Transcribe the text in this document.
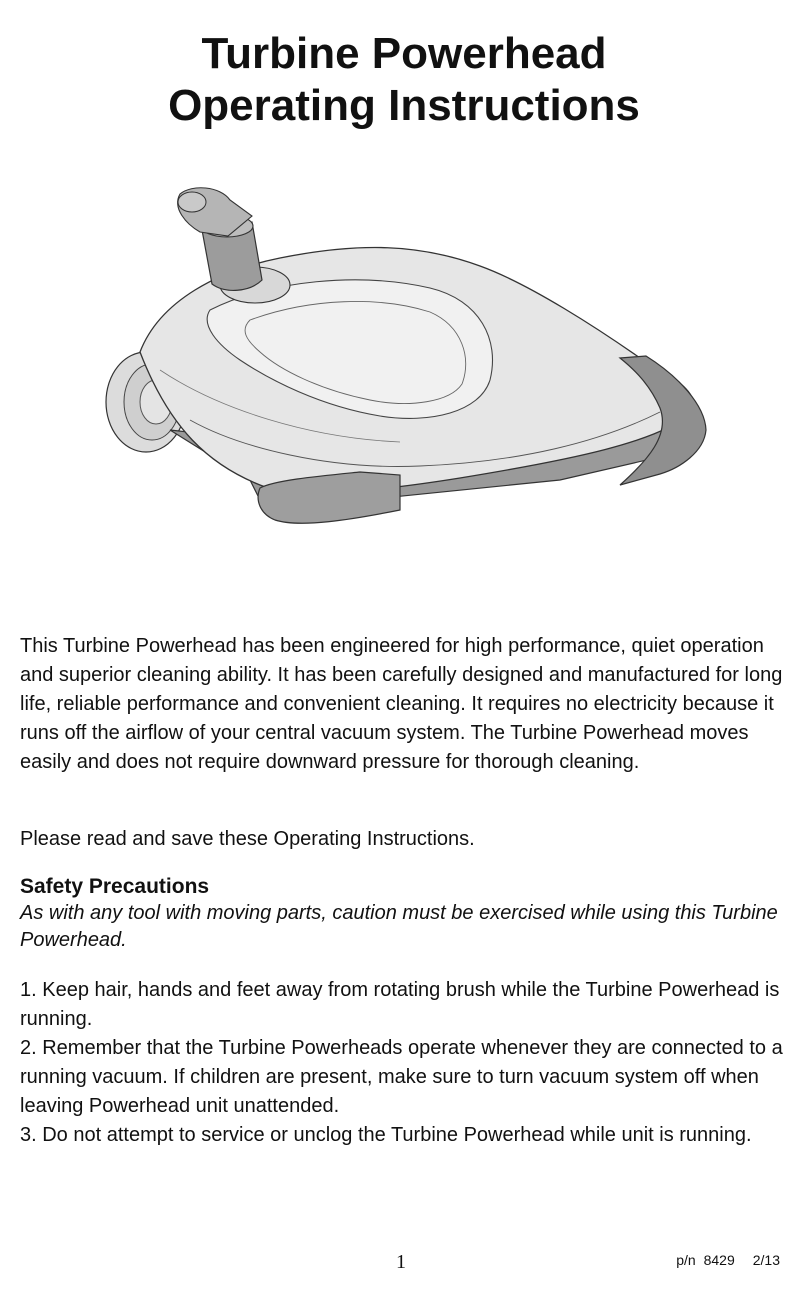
Turbine Powerhead
Operating Instructions

This Turbine Powerhead has been engineered for high performance, quiet operation and superior cleaning ability. It has been carefully designed and manufactured for long life, reliable performance and convenient cleaning. It requires no electricity because it runs off the airflow of your central vacuum system. The Turbine Powerhead moves easily and does not require downward pressure for thorough cleaning.

Please read and save these Operating Instructions.

Safety Precautions

As with any tool with moving parts, caution must be exercised while using this Turbine Powerhead.

1. Keep hair, hands and feet away from rotating brush while the Turbine Powerhead is running.
2. Remember that the Turbine Powerheads operate whenever they are connected to a running vacuum. If children are present, make sure to turn vacuum system off when leaving Powerhead unit unattended.
3. Do not attempt to service or unclog the Turbine Powerhead while unit is running.
1	p/n 8429 2/13
